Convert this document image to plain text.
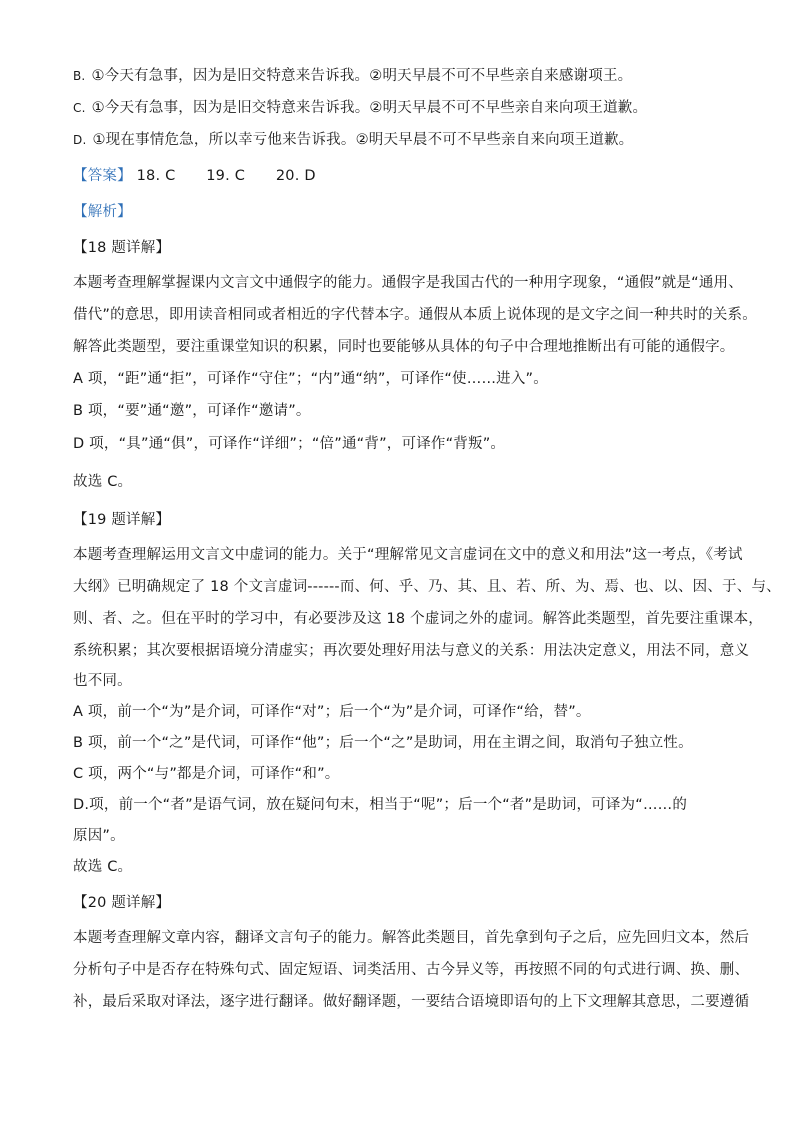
B. ①今天有急事，因为是旧交特意来告诉我。②明天早晨不可不早些亲自来感谢项王。
C. ①今天有急事，因为是旧交特意来告诉我。②明天早晨不可不早些亲自来向项王道歉。
D. ①现在事情危急，所以幸亏他来告诉我。②明天早晨不可不早些亲自来向项王道歉。
【答案】 18. C 19. C 20. D
【解析】
【18 题详解】
本题考查理解掌握课内文言文中通假字的能力。通假字是我国古代的一种用字现象，“通假”就是“通用、
借代”的意思，即用读音相同或者相近的字代替本字。通假从本质上说体现的是文字之间一种共时的关系。
解答此类题型，要注重课堂知识的积累，同时也要能够从具体的句子中合理地推断出有可能的通假字。
A 项，“距”通“拒”，可译作“守住”；“内”通“纳”，可译作“使……进入”。
B 项，“要”通“邀”，可译作“邀请”。
D 项，“具”通“俱”，可译作“详细”；“倍”通“背”，可译作“背叛”。
故选 C。
【19 题详解】
本题考查理解运用文言文中虚词的能力。关于“理解常见文言虚词在文中的意义和用法”这一考点，《考试
大纲》已明确规定了 18 个文言虚词------而、何、乎、乃、其、且、若、所、为、焉、也、以、因、于、与、
则、者、之。但在平时的学习中，有必要涉及这 18 个虚词之外的虚词。解答此类题型，首先要注重课本，
系统积累；其次要根据语境分清虚实；再次要处理好用法与意义的关系：用法决定意义，用法不同，意义
也不同。
A 项，前一个“为”是介词，可译作“对”；后一个“为”是介词，可译作“给，替”。
B 项，前一个“之”是代词，可译作“他”；后一个“之”是助词，用在主谓之间，取消句子独立性。
C 项，两个“与”都是介词，可译作“和”。
D.项，前一个“者”是语气词，放在疑问句末，相当于“呢”；后一个“者”是助词，可译为“……的
原因”。
故选 C。
【20 题详解】
本题考查理解文章内容，翻译文言句子的能力。解答此类题目，首先拿到句子之后，应先回归文本，然后
分析句子中是否存在特殊句式、固定短语、词类活用、古今异义等，再按照不同的句式进行调、换、删、
补，最后采取对译法，逐字进行翻译。做好翻译题，一要结合语境即语句的上下文理解其意思，二要遵循
